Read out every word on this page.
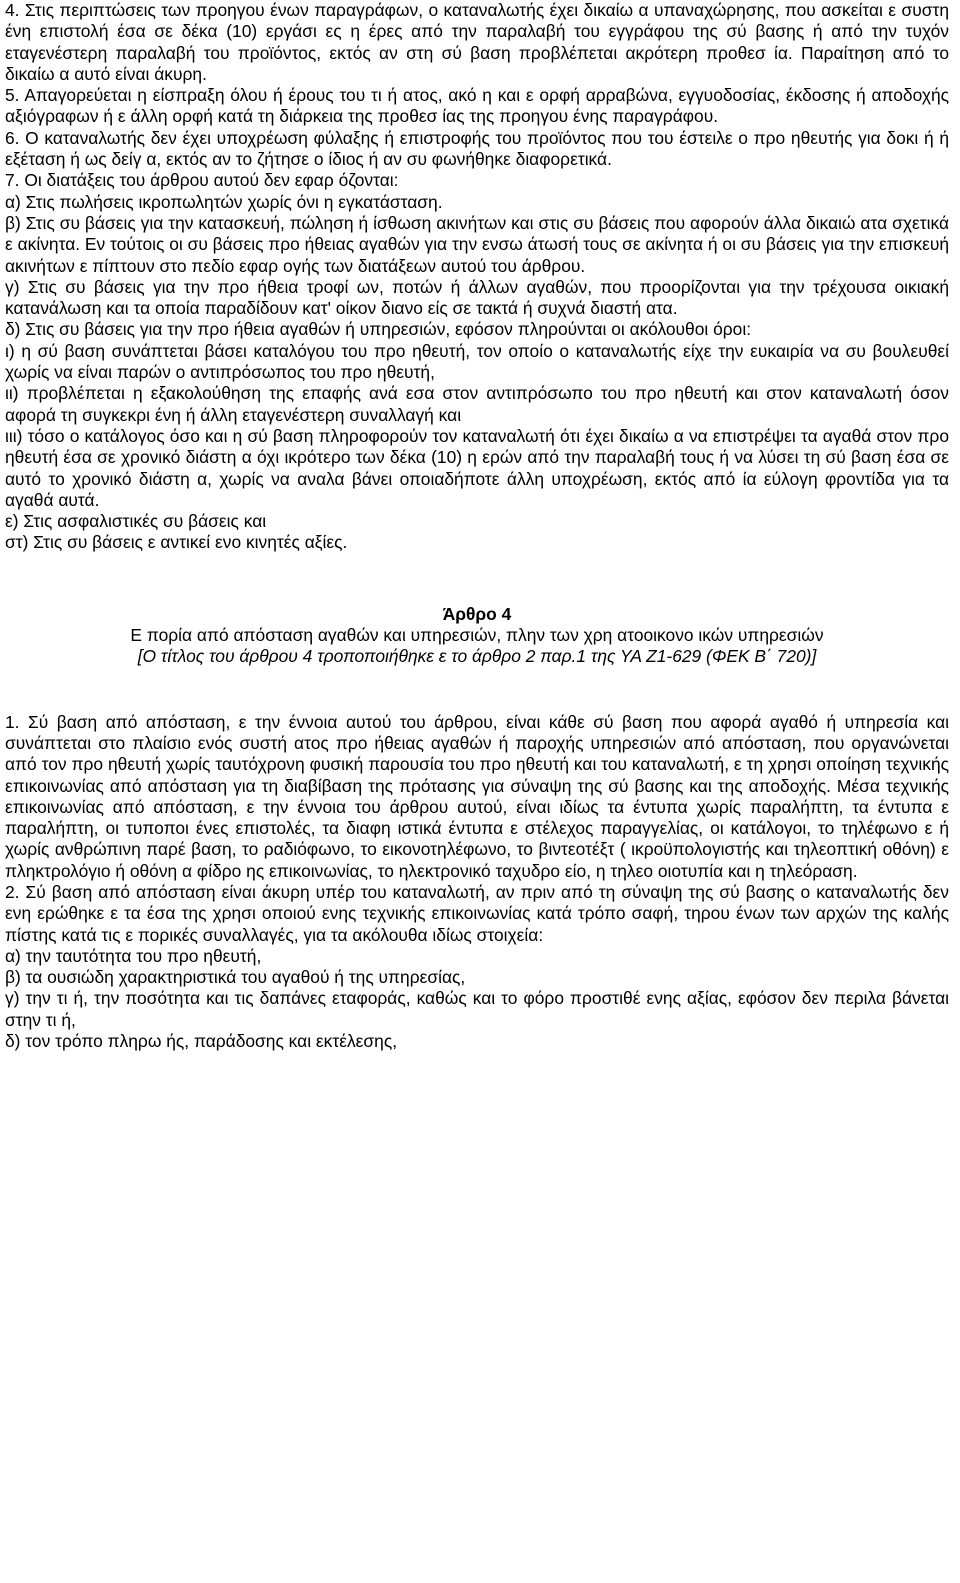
4. Στις περιπτώσεις των προηγου ένων παραγράφων, ο καταναλωτής έχει δικαίω α υπαναχώρησης, που ασκείται ε συστη ένη επιστολή έσα σε δέκα (10) εργάσι ες η έρες από την παραλαβή του εγγράφου της σύ βασης ή από την τυχόν εταγενέστερη παραλαβή του προϊόντος, εκτός αν στη σύ βαση προβλέπεται ακρότερη προθεσ ία. Παραίτηση από το δικαίω α αυτό είναι άκυρη.

5. Απαγορεύεται η είσπραξη όλου ή έρους του τι ή ατος, ακό η και ε ορφή αρραβώνα, εγγυοδοσίας, έκδοσης ή αποδοχής αξιόγραφων ή ε άλλη ορφή κατά τη διάρκεια της προθεσ ίας της προηγου ένης παραγράφου.

6. Ο καταναλωτής δεν έχει υποχρέωση φύλαξης ή επιστροφής του προϊόντος που του έστειλε ο προ ηθευτής για δοκι ή ή εξέταση ή ως δείγ α, εκτός αν το ζήτησε ο ίδιος ή αν συ φωνήθηκε διαφορετικά.

7. Οι διατάξεις του άρθρου αυτού δεν εφαρ όζονται:

α) Στις πωλήσεις ικροπωλητών χωρίς όνι η εγκατάσταση.

β) Στις συ βάσεις για την κατασκευή, πώληση ή ίσθωση ακινήτων και στις συ βάσεις που αφορούν άλλα δικαιώ ατα σχετικά ε ακίνητα. Εν τούτοις οι συ βάσεις προ ήθειας αγαθών για την ενσω άτωσή τους σε ακίνητα ή οι συ βάσεις για την επισκευή ακινήτων ε πίπτουν στο πεδίο εφαρ ογής των διατάξεων αυτού του άρθρου.

γ) Στις συ βάσεις για την προ ήθεια τροφί ων, ποτών ή άλλων αγαθών, που προορίζονται για την τρέχουσα οικιακή κατανάλωση και τα οποία παραδίδουν κατ' οίκον διανο είς σε τακτά ή συχνά διαστή ατα.

δ) Στις συ βάσεις για την προ ήθεια αγαθών ή υπηρεσιών, εφόσον πληρούνται οι ακόλουθοι όροι:

ι) η σύ βαση συνάπτεται βάσει καταλόγου του προ ηθευτή, τον οποίο ο καταναλωτής είχε την ευκαιρία να συ βουλευθεί χωρίς να είναι παρών ο αντιπρόσωπος του προ ηθευτή,

ιι) προβλέπεται η εξακολούθηση της επαφής ανά εσα στον αντιπρόσωπο του προ ηθευτή και στον καταναλωτή όσον αφορά τη συγκεκρι ένη ή άλλη εταγενέστερη συναλλαγή και

ιιι) τόσο ο κατάλογος όσο και η σύ βαση πληροφορούν τον καταναλωτή ότι έχει δικαίω α να επιστρέψει τα αγαθά στον προ ηθευτή έσα σε χρονικό διάστη α όχι ικρότερο των δέκα (10) η ερών από την παραλαβή τους ή να λύσει τη σύ βαση έσα σε αυτό το χρονικό διάστη α, χωρίς να αναλα βάνει οποιαδήποτε άλλη υποχρέωση, εκτός από ία εύλογη φροντίδα για τα αγαθά αυτά.

ε) Στις ασφαλιστικές συ βάσεις και

στ) Στις συ βάσεις ε αντικεί ενο κινητές αξίες.

Άρθρο 4

Ε πορία από απόσταση αγαθών και υπηρεσιών, πλην των χρη ατοοικονο ικών υπηρεσιών

[Ο τίτλος του άρθρου 4 τροποποιήθηκε ε το άρθρο 2 παρ.1 της ΥΑ Ζ1-629 (ΦΕΚ Β΄ 720)]

1. Σύ βαση από απόσταση, ε την έννοια αυτού του άρθρου, είναι κάθε σύ βαση που αφορά αγαθό ή υπηρεσία και συνάπτεται στο πλαίσιο ενός συστή ατος προ ήθειας αγαθών ή παροχής υπηρεσιών από απόσταση, που οργανώνεται από τον προ ηθευτή χωρίς ταυτόχρονη φυσική παρουσία του προ ηθευτή και του καταναλωτή, ε τη χρησι οποίηση τεχνικής επικοινωνίας από απόσταση για τη διαβίβαση της πρότασης για σύναψη της σύ βασης και της αποδοχής. Μέσα τεχνικής επικοινωνίας από απόσταση, ε την έννοια του άρθρου αυτού, είναι ιδίως τα έντυπα χωρίς παραλήπτη, τα έντυπα ε παραλήπτη, οι τυποποι ένες επιστολές, τα διαφη ιστικά έντυπα ε στέλεχος παραγγελίας, οι κατάλογοι, το τηλέφωνο ε ή χωρίς ανθρώπινη παρέ βαση, το ραδιόφωνο, το εικονοτηλέφωνο, το βιντεοτέξτ ( ικροϋπολογιστής και τηλεοπτική οθόνη) ε πληκτρολόγιο ή οθόνη α φίδρο ης επικοινωνίας, το ηλεκτρονικό ταχυδρο είο, η τηλεο οιοτυπία και η τηλεόραση.

2. Σύ βαση από απόσταση είναι άκυρη υπέρ του καταναλωτή, αν πριν από τη σύναψη της σύ βασης ο καταναλωτής δεν ενη ερώθηκε ε τα έσα της χρησι οποιού ενης τεχνικής επικοινωνίας κατά τρόπο σαφή, τηρου ένων των αρχών της καλής πίστης κατά τις ε πορικές συναλλαγές, για τα ακόλουθα ιδίως στοιχεία:

α) την ταυτότητα του προ ηθευτή,

β) τα ουσιώδη χαρακτηριστικά του αγαθού ή της υπηρεσίας,

γ) την τι ή, την ποσότητα και τις δαπάνες εταφοράς, καθώς και το φόρο προστιθέ ενης αξίας, εφόσον δεν περιλα βάνεται στην τι ή,

δ) τον τρόπο πληρω ής, παράδοσης και εκτέλεσης,
